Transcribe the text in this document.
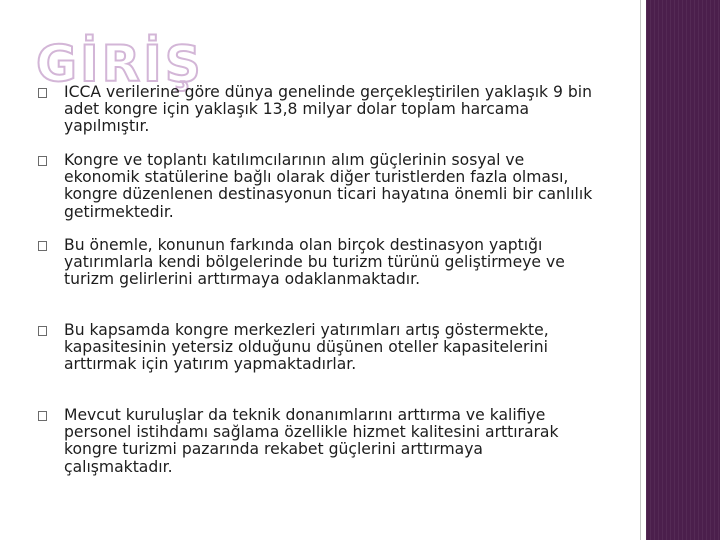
GİRİŞ
ICCA verilerine göre dünya genelinde gerçekleştirilen yaklaşık 9 bin adet kongre için yaklaşık 13,8 milyar dolar toplam harcama yapılmıştır.
Kongre ve toplantı katılımcılarının alım güçlerinin sosyal ve ekonomik statülerine bağlı olarak diğer turistlerden fazla olması, kongre düzenlenen destinasyonun ticari hayatına önemli bir canlılık getirmektedir.
Bu önemle, konunun farkında olan birçok destinasyon yaptığı yatırımlarla kendi bölgelerinde bu turizm türünü geliştirmeye ve turizm gelirlerini arttırmaya odaklanmaktadır.
Bu kapsamda kongre merkezleri yatırımları artış göstermekte, kapasitesinin yetersiz olduğunu düşünen oteller kapasitelerini arttırmak için yatırım yapmaktadırlar.
Mevcut kuruluşlar da teknik donanımlarını arttırma ve kalifiye personel istihdamı sağlama özellikle hizmet kalitesini arttırarak kongre turizmi pazarında rekabet güçlerini arttırmaya çalışmaktadır.
